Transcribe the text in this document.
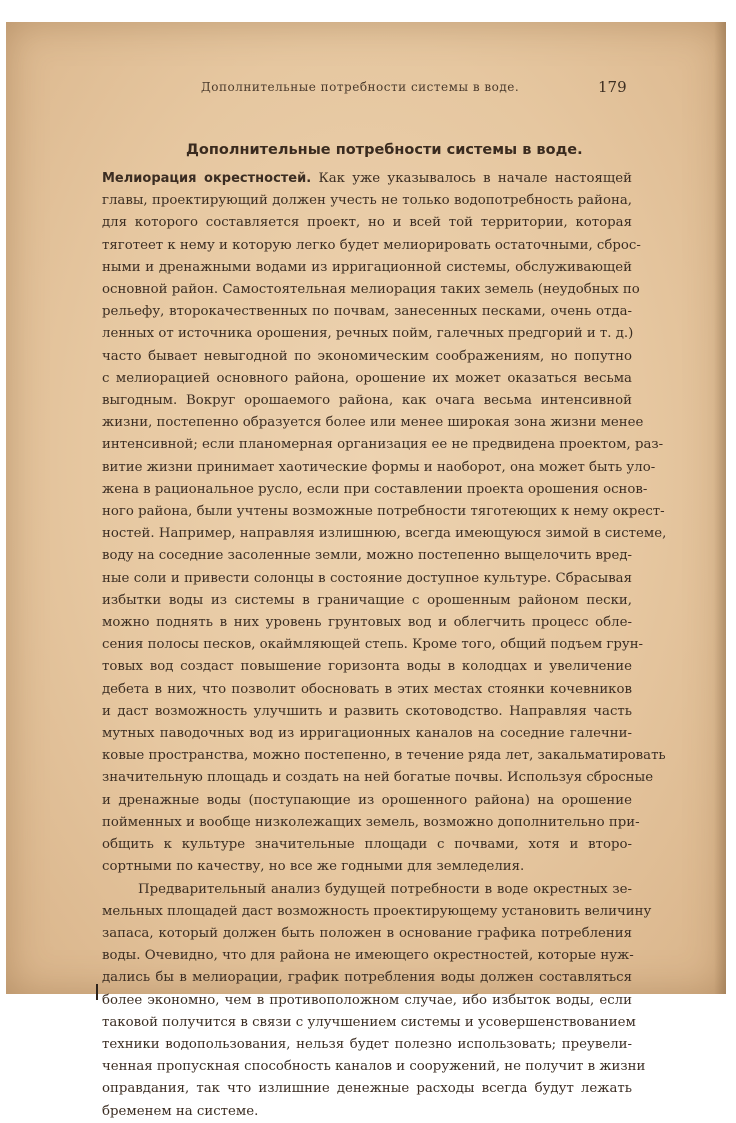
Дополнительные потребности системы в воде.	179
Дополнительные потребности системы в воде.

Мелиорация окрестностей. Как уже указывалось в начале настоящей
главы, проектирующий должен учесть не только водопотребность района,
для которого составляется проект, но и всей той территории, которая
тяготеет к нему и которую легко будет мелиорировать остаточными, сброс-
ными и дренажными водами из ирригационной системы, обслуживающей
основной район. Самостоятельная мелиорация таких земель (неудобных по
рельефу, второкачественных по почвам, занесенных песками, очень отда-
ленных от источника орошения, речных пойм, галечных предгорий и т. д.)
часто бывает невыгодной по экономическим соображениям, но попутно
с мелиорацией основного района, орошение их может оказаться весьма
выгодным. Вокруг орошаемого района, как очага весьма интенсивной
жизни, постепенно образуется более или менее широкая зона жизни менее
интенсивной; если планомерная организация ее не предвидена проектом, раз-
витие жизни принимает хаотические формы и наоборот, она может быть уло-
жена в рациональное русло, если при составлении проекта орошения основ-
ного района, были учтены возможные потребности тяготеющих к нему окрест-
ностей. Например, направляя излишнюю, всегда имеющуюся зимой в системе,
воду на соседние засоленные земли, можно постепенно выщелочить вред-
ные соли и привести солонцы в состояние доступное культуре. Сбрасывая
избытки воды из системы в граничащие с орошенным районом пески,
можно поднять в них уровень грунтовых вод и облегчить процесс обле-
сения полосы песков, окаймляющей степь. Кроме того, общий подъем грун-
товых вод создаст повышение горизонта воды в колодцах и увеличение
дебета в них, что позволит обосновать в этих местах стоянки кочевников
и даст возможность улучшить и развить скотоводство. Направляя часть
мутных паводочных вод из ирригационных каналов на соседние галечни-
ковые пространства, можно постепенно, в течение ряда лет, закальматировать
значительную площадь и создать на ней богатые почвы. Используя сбросные
и дренажные воды (поступающие из орошенного района) на орошение
пойменных и вообще низколежащих земель, возможно дополнительно при-
общить к культуре значительные площади с почвами, хотя и второ-
сортными по качеству, но все же годными для земледелия.

Предварительный анализ будущей потребности в воде окрестных зе-
мельных площадей даст возможность проектирующему установить величину
запаса, который должен быть положен в основание графика потребления
воды. Очевидно, что для района не имеющего окрестностей, которые нуж-
дались бы в мелиорации, график потребления воды должен составляться
более экономно, чем в противоположном случае, ибо избыток воды, если
таковой получится в связи с улучшением системы и усовершенствованием
техники водопользования, нельзя будет полезно использовать; преувели-
ченная пропускная способность каналов и сооружений, не получит в жизни
оправдания, так что излишние денежные расходы всегда будут лежать
бременем на системе.
